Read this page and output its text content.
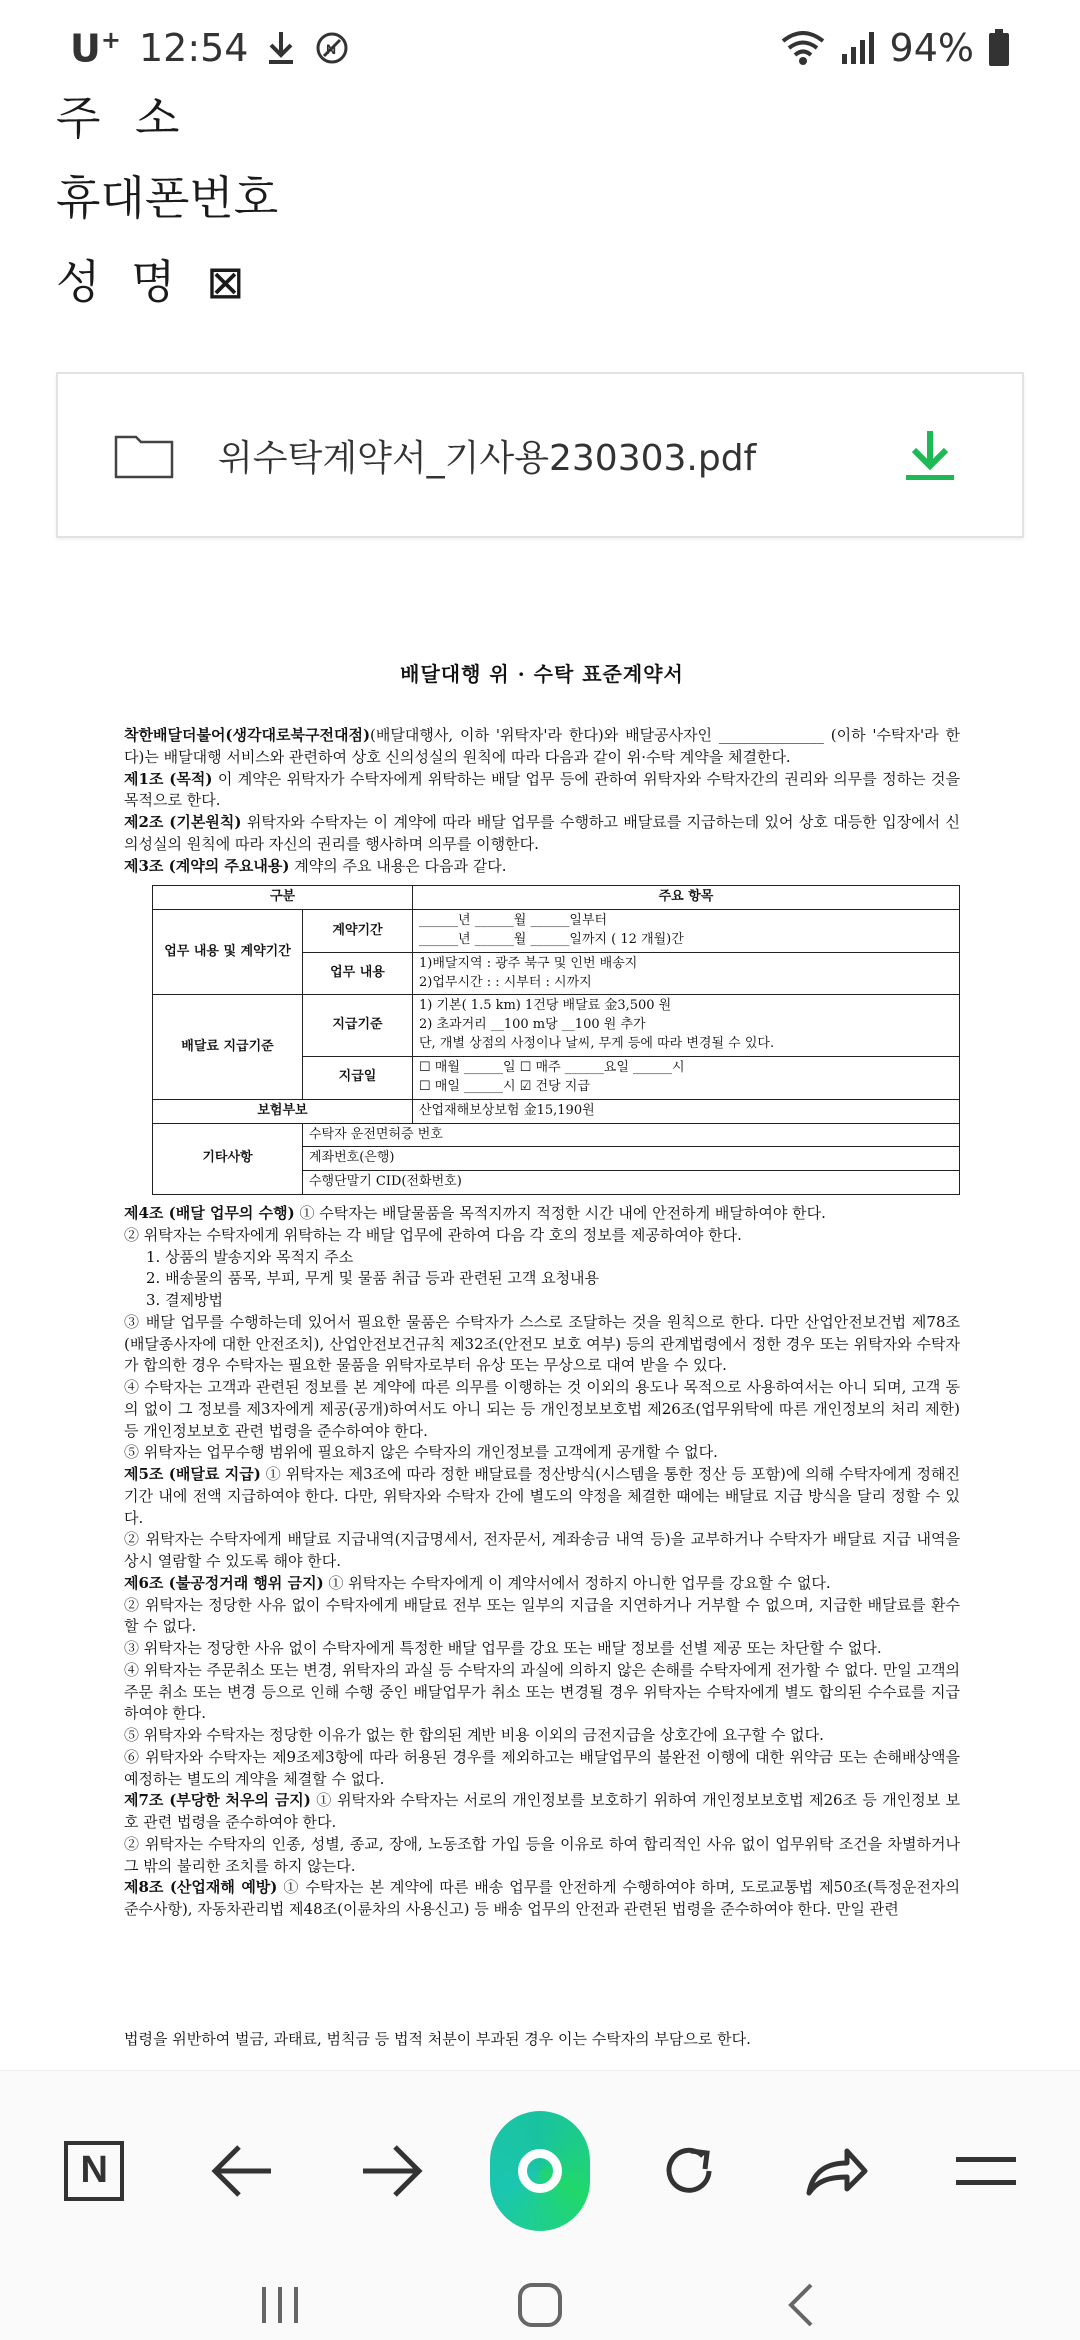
U+ 12:54	N	94%
주 소
휴대폰번호
성 명 ⊠
위수탁계약서_기사용230303.pdf
배달대행 위 · 수탁 표준계약서

착한배달더불어(생각대로북구전대점)(배달대행사, 이하 '위탁자'라 한다)와 배달공사자인 ______________ (이하 '수탁자'라 한다)는 배달대행 서비스와 관련하여 상호 신의성실의 원칙에 따라 다음과 같이 위·수탁 계약을 체결한다.

제1조 (목적) 이 계약은 위탁자가 수탁자에게 위탁하는 배달 업무 등에 관하여 위탁자와 수탁자간의 권리와 의무를 정하는 것을 목적으로 한다.

제2조 (기본원칙) 위탁자와 수탁자는 이 계약에 따라 배달 업무를 수행하고 배달료를 지급하는데 있어 상호 대등한 입장에서 신의성실의 원칙에 따라 자신의 권리를 행사하며 의무를 이행한다.

제3조 (계약의 주요내용) 계약의 주요 내용은 다음과 같다.

구분		주요 항목
업무 내용 및 계약기간	계약기간	______년 ______월 ______일부터
______년 ______월 ______일까지 ( 12 개월)간

	업무 내용	1)배달지역 : 광주 북구 및 인번 배송지
2)업무시간 : : 시부터 : 시까지

배달료 지급기준	지급기준	1) 기본( 1.5 km) 1건당 배달료 金3,500 원
2) 초과거리 __100 m당 __100 원 추가
단, 개별 상점의 사정이나 날씨, 무게 등에 따라 변경될 수 있다.

	지급일	☐ 매월 ______일 ☐ 매주 ______요일 ______시
☐ 매일 ______시 ☑ 건당 지급

보험부보		산업재해보상보험 金15,190원
기타사항	수탁자 운전면허증 번호	
	계좌번호(은행)	
	수행단말기 CID(전화번호)	

제4조 (배달 업무의 수행) ① 수탁자는 배달물품을 목적지까지 적정한 시간 내에 안전하게 배달하여야 한다.

② 위탁자는 수탁자에게 위탁하는 각 배달 업무에 관하여 다음 각 호의 정보를 제공하여야 한다.

1. 상품의 발송지와 목적지 주소

2. 배송물의 품목, 부피, 무게 및 물품 취급 등과 관련된 고객 요청내용

3. 결제방법

③ 배달 업무를 수행하는데 있어서 필요한 물품은 수탁자가 스스로 조달하는 것을 원칙으로 한다. 다만 산업안전보건법 제78조(배달종사자에 대한 안전조치), 산업안전보건규칙 제32조(안전모 보호 여부) 등의 관계법령에서 정한 경우 또는 위탁자와 수탁자가 합의한 경우 수탁자는 필요한 물품을 위탁자로부터 유상 또는 무상으로 대여 받을 수 있다.

④ 수탁자는 고객과 관련된 정보를 본 계약에 따른 의무를 이행하는 것 이외의 용도나 목적으로 사용하여서는 아니 되며, 고객 동의 없이 그 정보를 제3자에게 제공(공개)하여서도 아니 되는 등 개인정보보호법 제26조(업무위탁에 따른 개인정보의 처리 제한) 등 개인정보보호 관련 법령을 준수하여야 한다.

⑤ 위탁자는 업무수행 범위에 필요하지 않은 수탁자의 개인정보를 고객에게 공개할 수 없다.

제5조 (배달료 지급) ① 위탁자는 제3조에 따라 정한 배달료를 정산방식(시스템을 통한 정산 등 포함)에 의해 수탁자에게 정해진 기간 내에 전액 지급하여야 한다. 다만, 위탁자와 수탁자 간에 별도의 약정을 체결한 때에는 배달료 지급 방식을 달리 정할 수 있다.

② 위탁자는 수탁자에게 배달료 지급내역(지급명세서, 전자문서, 계좌송금 내역 등)을 교부하거나 수탁자가 배달료 지급 내역을 상시 열람할 수 있도록 해야 한다.

제6조 (불공정거래 행위 금지) ① 위탁자는 수탁자에게 이 계약서에서 정하지 아니한 업무를 강요할 수 없다.

② 위탁자는 정당한 사유 없이 수탁자에게 배달료 전부 또는 일부의 지급을 지연하거나 거부할 수 없으며, 지급한 배달료를 환수할 수 없다.

③ 위탁자는 정당한 사유 없이 수탁자에게 특정한 배달 업무를 강요 또는 배달 정보를 선별 제공 또는 차단할 수 없다.

④ 위탁자는 주문취소 또는 변경, 위탁자의 과실 등 수탁자의 과실에 의하지 않은 손해를 수탁자에게 전가할 수 없다. 만일 고객의 주문 취소 또는 변경 등으로 인해 수행 중인 배달업무가 취소 또는 변경될 경우 위탁자는 수탁자에게 별도 합의된 수수료를 지급하여야 한다.

⑤ 위탁자와 수탁자는 정당한 이유가 없는 한 합의된 계반 비용 이외의 금전지급을 상호간에 요구할 수 없다.

⑥ 위탁자와 수탁자는 제9조제3항에 따라 허용된 경우를 제외하고는 배달업무의 불완전 이행에 대한 위약금 또는 손해배상액을 예정하는 별도의 계약을 체결할 수 없다.

제7조 (부당한 처우의 금지) ① 위탁자와 수탁자는 서로의 개인정보를 보호하기 위하여 개인정보보호법 제26조 등 개인정보 보호 관련 법령을 준수하여야 한다.

② 위탁자는 수탁자의 인종, 성별, 종교, 장애, 노동조합 가입 등을 이유로 하여 합리적인 사유 없이 업무위탁 조건을 차별하거나 그 밖의 불리한 조치를 하지 않는다.

제8조 (산업재해 예방) ① 수탁자는 본 계약에 따른 배송 업무를 안전하게 수행하여야 하며, 도로교통법 제50조(특정운전자의 준수사항), 자동차관리법 제48조(이륜차의 사용신고) 등 배송 업무의 안전과 관련된 법령을 준수하여야 한다. 만일 관련

법령을 위반하여 벌금, 과태료, 범칙금 등 법적 처분이 부과된 경우 이는 수탁자의 부담으로 한다.
N
